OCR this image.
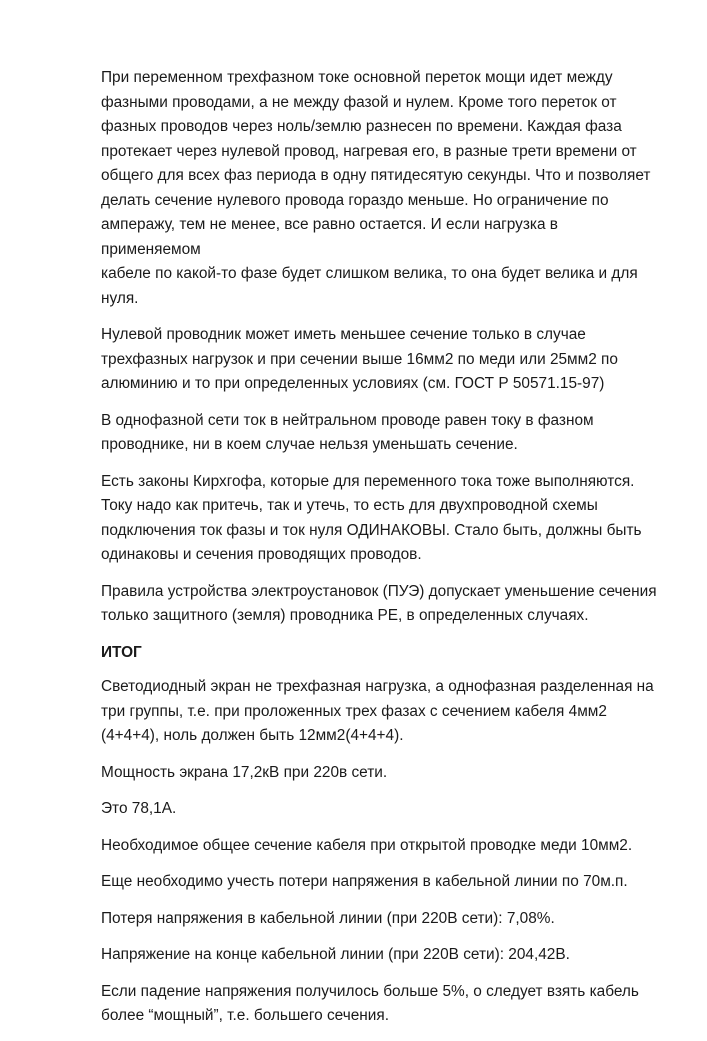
При переменном трехфазном токе основной переток мощи идет между
фазными проводами, а не между фазой и нулем. Кроме того переток от
фазных проводов через ноль/землю разнесен по времени. Каждая фаза
протекает через нулевой провод, нагревая его, в разные трети времени от
общего для всех фаз периода в одну пятидесятую секунды. Что и позволяет
делать сечение нулевого провода гораздо меньше. Но ограничение по
амперажу, тем не менее, все равно остается. И если нагрузка в применяемом
кабеле по какой-то фазе будет слишком велика, то она будет велика и для
нуля.

Нулевой проводник может иметь меньшее сечение только в случае
трехфазных нагрузок и при сечении выше 16мм2 по меди или 25мм2 по
алюминию и то при определенных условиях (см. ГОСТ Р 50571.15-97)

В однофазной сети ток в нейтральном проводе равен току в фазном
проводнике, ни в коем случае нельзя уменьшать сечение.

Есть законы Кирхгофа, которые для переменного тока тоже выполняются.
Току надо как притечь, так и утечь, то есть для двухпроводной схемы
подключения ток фазы и ток нуля ОДИНАКОВЫ. Стало быть, должны быть
одинаковы и сечения проводящих проводов.

Правила устройства электроустановок (ПУЭ) допускает уменьшение сечения
только защитного (земля) проводника РЕ, в определенных случаях.

ИТОГ

Светодиодный экран не трехфазная нагрузка, а однофазная разделенная на
три группы, т.е. при проложенных трех фазах с сечением кабеля 4мм2
(4+4+4), ноль должен быть 12мм2(4+4+4).

Мощность экрана 17,2кВ при 220в сети.

Это 78,1А.

Необходимое общее сечение кабеля при открытой проводке меди 10мм2.

Еще необходимо учесть потери напряжения в кабельной линии по 70м.п.

Потеря напряжения в кабельной линии (при 220В сети): 7,08%.

Напряжение на конце кабельной линии (при 220В сети): 204,42В.

Если падение напряжения получилось больше 5%, о следует взять кабель
более “мощный”, т.е. большего сечения.
